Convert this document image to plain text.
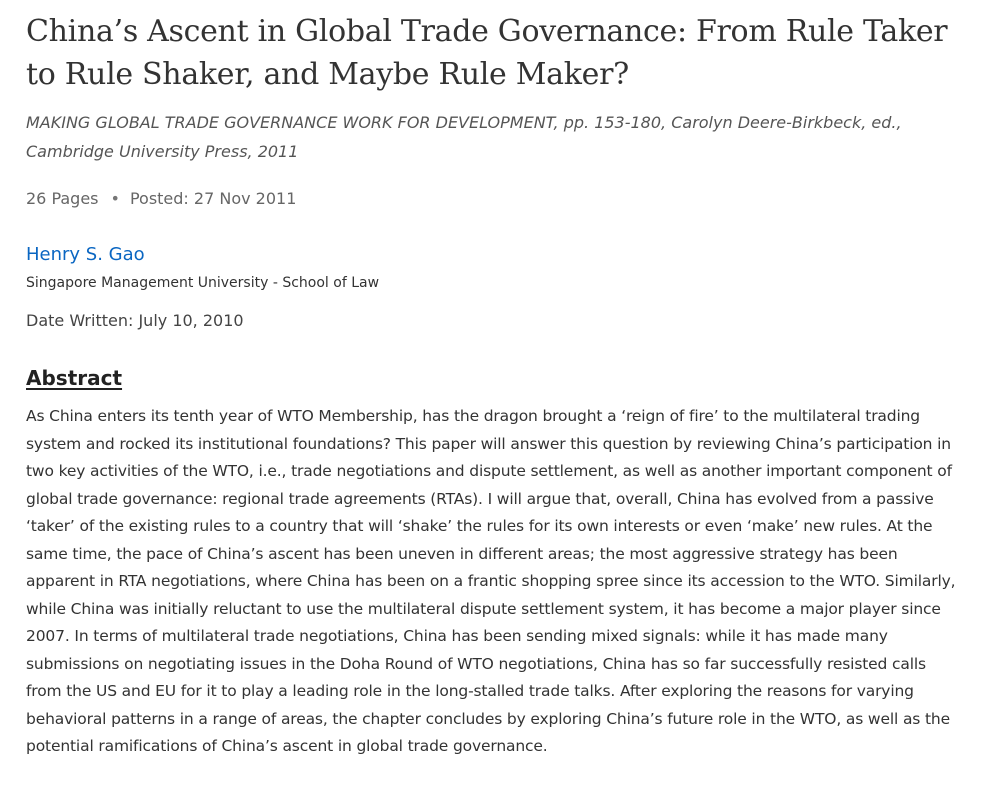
China’s Ascent in Global Trade Governance: From Rule Taker to Rule Shaker, and Maybe Rule Maker?
MAKING GLOBAL TRADE GOVERNANCE WORK FOR DEVELOPMENT, pp. 153-180, Carolyn Deere-Birkbeck, ed., Cambridge University Press, 2011
26 Pages • Posted: 27 Nov 2011
Henry S. Gao
Singapore Management University - School of Law
Date Written: July 10, 2010
Abstract

As China enters its tenth year of WTO Membership, has the dragon brought a ‘reign of fire’ to the multilateral trading system and rocked its institutional foundations? This paper will answer this question by reviewing China’s participation in two key activities of the WTO, i.e., trade negotiations and dispute settlement, as well as another important component of global trade governance: regional trade agreements (RTAs). I will argue that, overall, China has evolved from a passive ‘taker’ of the existing rules to a country that will ‘shake’ the rules for its own interests or even ‘make’ new rules. At the same time, the pace of China’s ascent has been uneven in different areas; the most aggressive strategy has been apparent in RTA negotiations, where China has been on a frantic shopping spree since its accession to the WTO. Similarly, while China was initially reluctant to use the multilateral dispute settlement system, it has become a major player since 2007. In terms of multilateral trade negotiations, China has been sending mixed signals: while it has made many submissions on negotiating issues in the Doha Round of WTO negotiations, China has so far successfully resisted calls from the US and EU for it to play a leading role in the long-stalled trade talks. After exploring the reasons for varying behavioral patterns in a range of areas, the chapter concludes by exploring China’s future role in the WTO, as well as the potential ramifications of China’s ascent in global trade governance.
